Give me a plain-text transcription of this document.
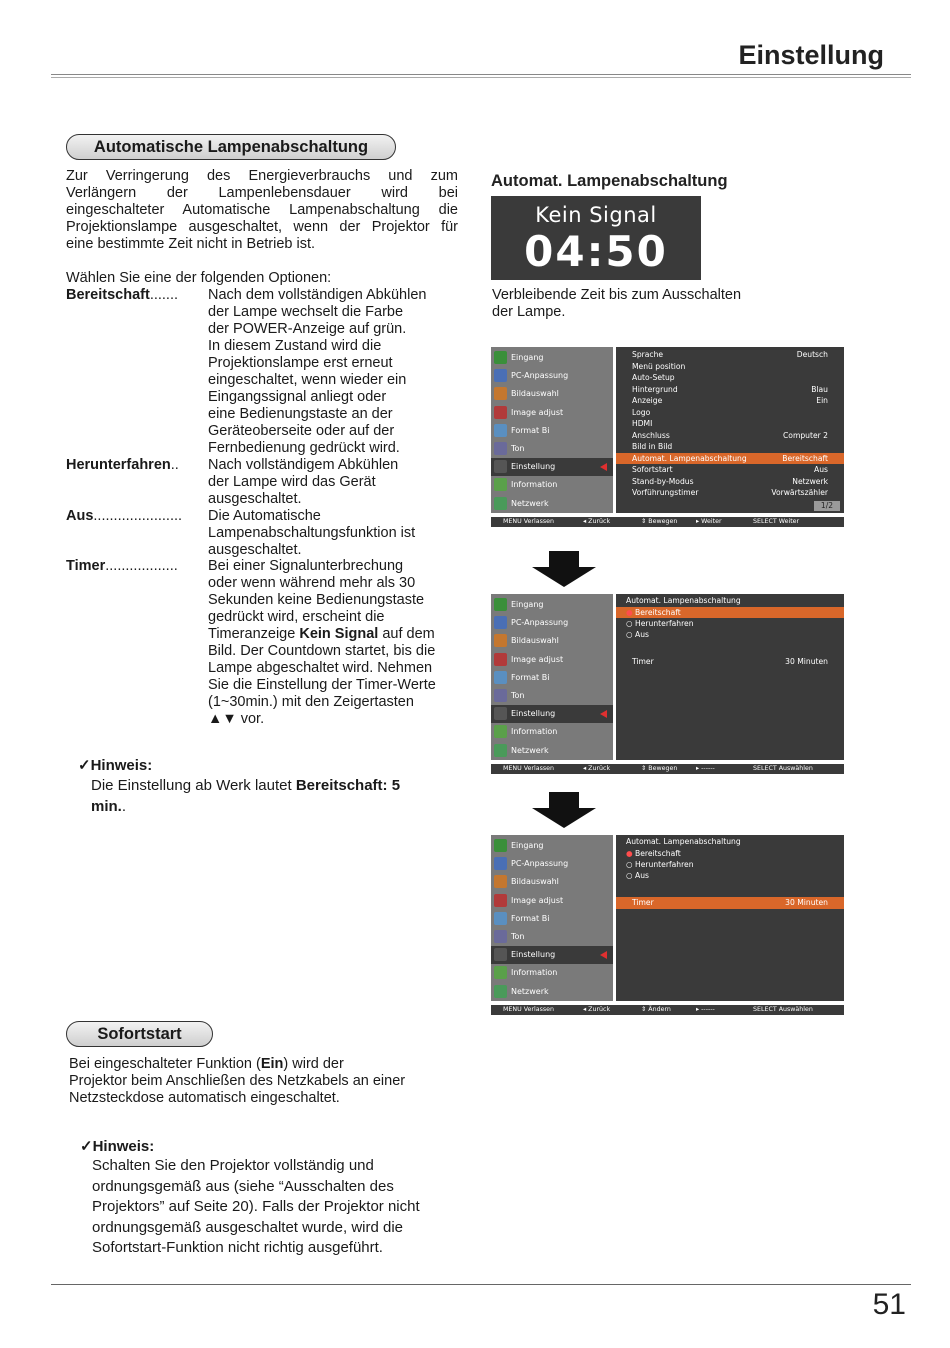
Einstellung
Automatische Lampenabschaltung
Zur Verringerung des Energieverbrauchs und zum
Verlängern der Lampenlebensdauer wird bei
eingeschalteter Automatische Lampenabschaltung die
Projektionslampe ausgeschaltet, wenn der Projektor für
eine bestimmte Zeit nicht in Betrieb ist.
Wählen Sie eine der folgenden Optionen:
Bereitschaft....... Nach dem vollständigen Abkühlen
der Lampe wechselt die Farbe
der POWER-Anzeige auf grün.
In diesem Zustand wird die
Projektionslampe erst erneut
eingeschaltet, wenn wieder ein
Eingangssignal anliegt oder
eine Bedienungstaste an der
Geräteoberseite oder auf der
Fernbedienung gedrückt wird.
Herunterfahren.. Nach vollständigem Abkühlen
der Lampe wird das Gerät
ausgeschaltet.
Aus...................... Die Automatische
Lampenabschaltungsfunktion ist
ausgeschaltet.
Timer.................. Bei einer Signalunterbrechung
oder wenn während mehr als 30
Sekunden keine Bedienungstaste
gedrückt wird, erscheint die
Timeranzeige Kein Signal auf dem
Bild. Der Countdown startet, bis die
Lampe abgeschaltet wird. Nehmen
Sie die Einstellung der Timer-Werte
(1~30min.) mit den Zeigertasten
▲▼ vor.
✓Hinweis:
Die Einstellung ab Werk lautet Bereitschaft: 5
min..
Automat. Lampenabschaltung
Kein Signal
04:50
Verbleibende Zeit bis zum Ausschalten
der Lampe.
Eingang
PC-Anpassung
Bildauswahl
Image adjust
Format Bi
Ton
Einstellung
Information
Netzwerk
Sprache	Deutsch
Menü position
Auto-Setup
Hintergrund	Blau
Anzeige	Ein
Logo
HDMI
Anschluss	Computer 2
Bild in Bild
Automat. Lampenabschaltung	Bereitschaft
Sofortstart	Aus
Stand-by-Modus	Netzwerk
Vorführungstimer	Vorwärtszähler
1/2
MENU Verlassen	◂ Zurück	⇕ Bewegen	▸ Weiter	SELECT Weiter
Eingang
PC-Anpassung
Bildauswahl
Image adjust
Format Bi
Ton
Einstellung
Information
Netzwerk
Automat. Lampenabschaltung
● Bereitschaft
○ Herunterfahren
○ Aus
Timer	30 Minuten
MENU Verlassen	◂ Zurück	⇕ Bewegen	▸ ------	SELECT Auswählen
Eingang
PC-Anpassung
Bildauswahl
Image adjust
Format Bi
Ton
Einstellung
Information
Netzwerk
Automat. Lampenabschaltung
● Bereitschaft
○ Herunterfahren
○ Aus
Timer	30 Minuten
MENU Verlassen	◂ Zurück	⇕ Ändern	▸ ------	SELECT Auswählen
Sofortstart
Bei eingeschalteter Funktion (Ein) wird der
Projektor beim Anschließen des Netzkabels an einer
Netzsteckdose automatisch eingeschaltet.
✓Hinweis:
Schalten Sie den Projektor vollständig und
ordnungsgemäß aus (siehe “Ausschalten des
Projektors” auf Seite 20). Falls der Projektor nicht
ordnungsgemäß ausgeschaltet wurde, wird die
Sofortstart-Funktion nicht richtig ausgeführt.
51
